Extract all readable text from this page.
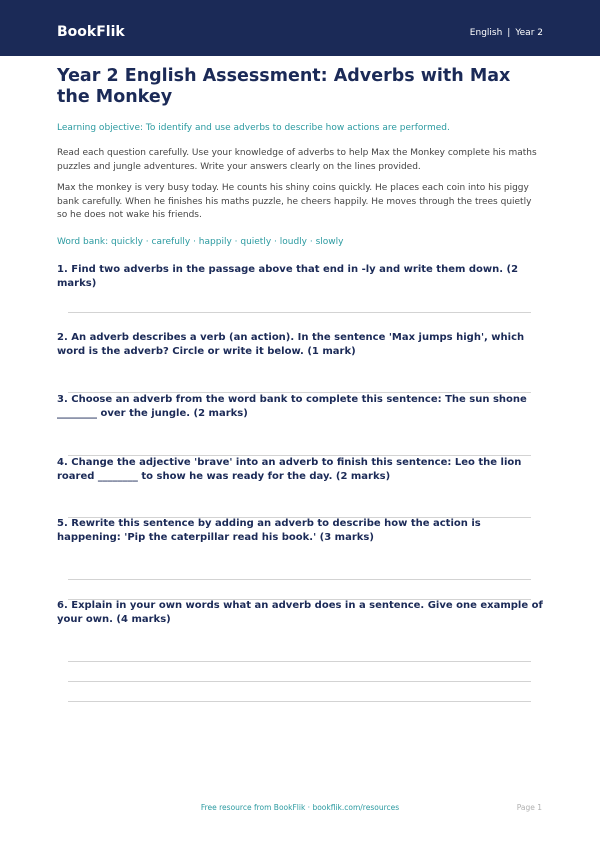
BookFlik	English | Year 2
Year 2 English Assessment: Adverbs with Max the Monkey

Learning objective: To identify and use adverbs to describe how actions are performed.

Read each question carefully. Use your knowledge of adverbs to help Max the Monkey complete his maths puzzles and jungle adventures. Write your answers clearly on the lines provided.

Max the monkey is very busy today. He counts his shiny coins quickly. He places each coin into his piggy bank carefully. When he finishes his maths puzzle, he cheers happily. He moves through the trees quietly so he does not wake his friends.

Word bank: quickly · carefully · happily · quietly · loudly · slowly

1. Find two adverbs in the passage above that end in -ly and write them down. (2 marks)
2. An adverb describes a verb (an action). In the sentence 'Max jumps high', which word is the adverb? Circle or write it below. (1 mark)
3. Choose an adverb from the word bank to complete this sentence: The sun shone ________ over the jungle. (2 marks)
4. Change the adjective 'brave' into an adverb to finish this sentence: Leo the lion roared ________ to show he was ready for the day. (2 marks)
5. Rewrite this sentence by adding an adverb to describe how the action is happening: 'Pip the caterpillar read his book.' (3 marks)
6. Explain in your own words what an adverb does in a sentence. Give one example of your own. (4 marks)
Free resource from BookFlik · bookflik.com/resources	Page 1
